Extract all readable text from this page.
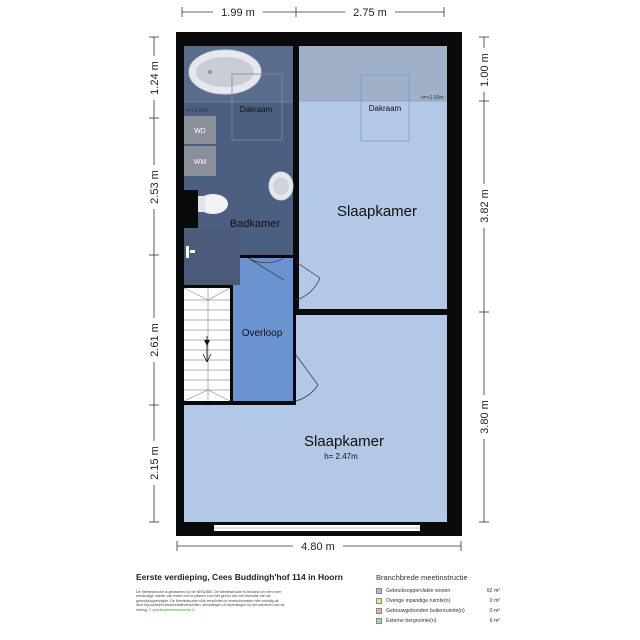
1.99 m	2.75 m
1.24 m
2.53 m
2.61 m
2.15 m
1.00 m
3.82 m
3.80 m
4.80 m
Dakraam
h=<1.50m
WD
WM
Badkamer
Dakraam
h=<1.50m
Slaapkamer
Slaapkamer
h= 2.47m
Overloop
Eerste verdieping, Cees Buddingh'hof 114 in Hoorn
De Meetinstructie is gebaseerd op de NEN2580. De Meetinstructie is bedoeld om een meer eenduidige manier van meten toe te passen voor het geven van een indicatie van de gebruiksoppervlakte. De Meetinstructie sluit verschillen in meetuitkomsten niet volledig uit, door bijvoorbeeld interpretatieverschillen, afrondingen of beperkingen bij het uitvoeren van de meting. © goedkopemeetinstructie.nl
Branchbrede meetinstructie
Gebruiksoppervlakte wonen	92 m²
Overige inpandige ruimte(n)	0 m²
Gebouwgebonden buitenruimte(n)	0 m²
Externe bergruimte(n)	6 m²
